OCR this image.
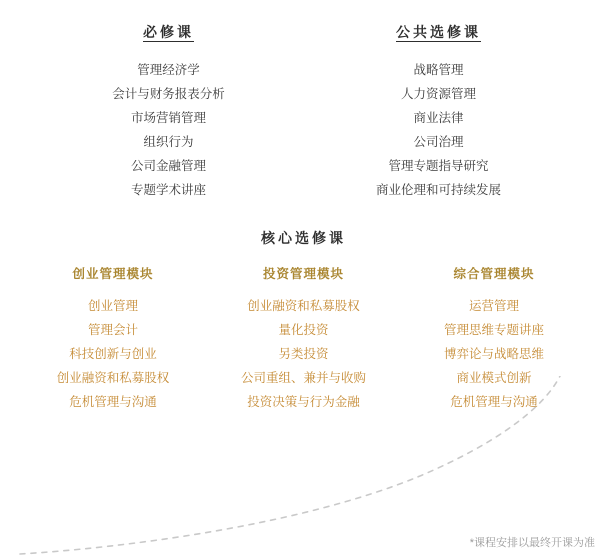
必修课
管理经济学
会计与财务报表分析
市场营销管理
组织行为
公司金融管理
专题学术讲座
公共选修课
战略管理
人力资源管理
商业法律
公司治理
管理专题指导研究
商业伦理和可持续发展
核心选修课
创业管理模块
创业管理
管理会计
科技创新与创业
创业融资和私募股权
危机管理与沟通
投资管理模块
创业融资和私募股权
量化投资
另类投资
公司重组、兼并与收购
投资决策与行为金融
综合管理模块
运营管理
管理思维专题讲座
博弈论与战略思维
商业模式创新
危机管理与沟通
*课程安排以最终开课为准
